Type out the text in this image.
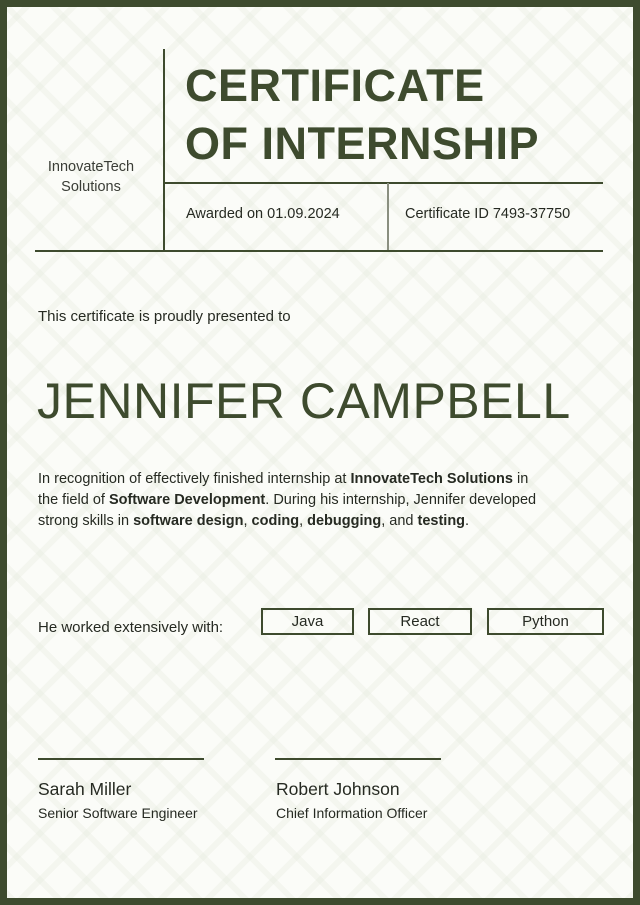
InnovateTech
Solutions
CERTIFICATE
OF INTERNSHIP
Awarded on 01.09.2024	Certificate ID 7493-37750
This certificate is proudly presented to
JENNIFER CAMPBELL
In recognition of effectively finished internship at InnovateTech Solutions in the field of Software Development. During his internship, Jennifer developed strong skills in software design, coding, debugging, and testing.
He worked extensively with:	Java	React	Python
Sarah Miller
Senior Software Engineer
Robert Johnson
Chief Information Officer
